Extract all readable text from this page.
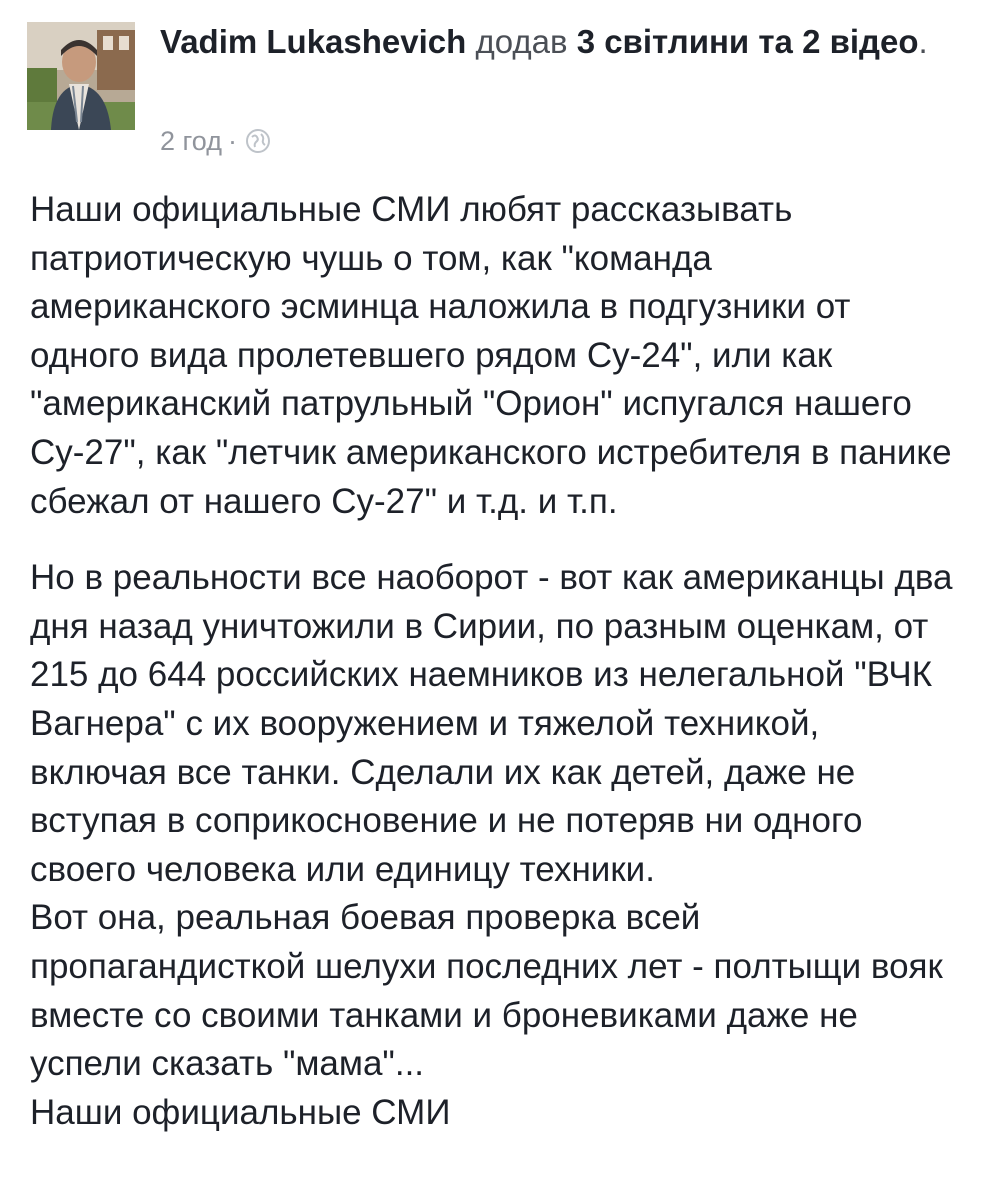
Vadim Lukashevich додав 3 світлини та 2 відео.
2 год ·

Наши официальные СМИ любят рассказывать патриотическую чушь о том, как "команда американского эсминца наложила в подгузники от одного вида пролетевшего рядом Су-24", или как "американский патрульный "Орион" испугался нашего Су-27", как "летчик американского истребителя в панике сбежал от нашего Су-27" и т.д. и т.п.

Но в реальности все наоборот - вот как американцы два дня назад уничтожили в Сирии, по разным оценкам, от 215 до 644 российских наемников из нелегальной "ВЧК Вагнера" с их вооружением и тяжелой техникой, включая все танки. Сделали их как детей, даже не вступая в соприкосновение и не потеряв ни одного своего человека или единицу техники.

Вот она, реальная боевая проверка всей пропагандисткой шелухи последних лет - полтыщи вояк вместе со своими танками и броневиками даже не успели сказать "мама"...

Наши официальные СМИ
